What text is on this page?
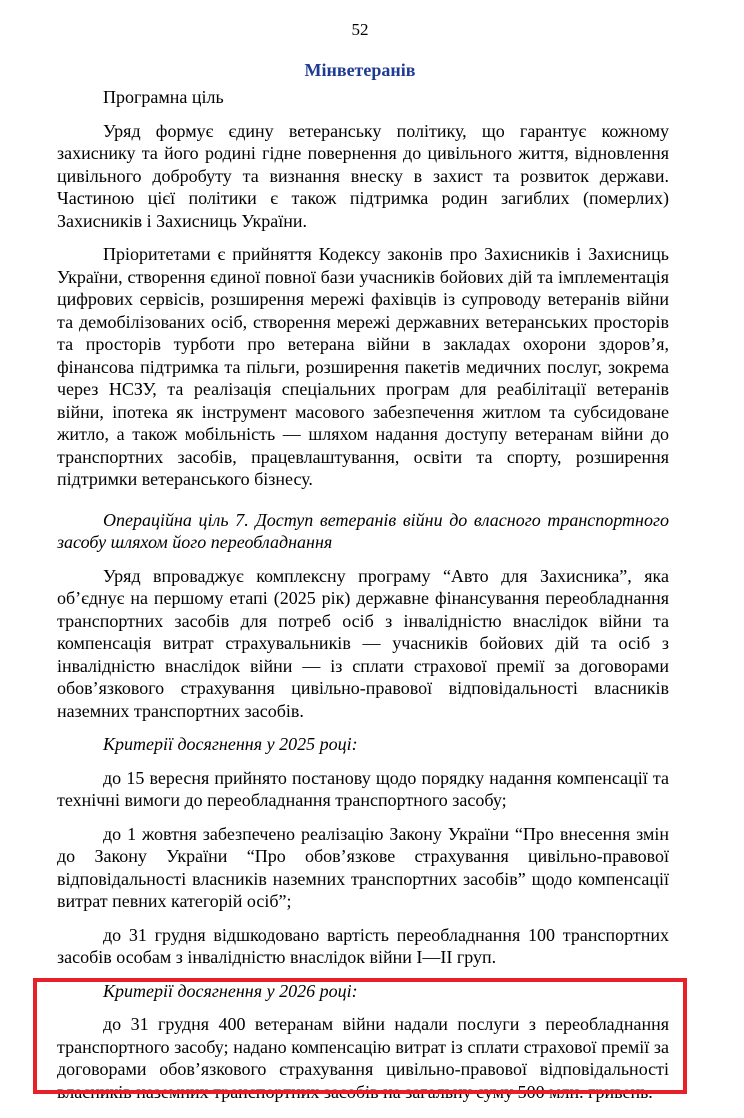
52
Мінветеранів

Програмна ціль

Уряд формує єдину ветеранську політику, що гарантує кожному захиснику та його родині гідне повернення до цивільного життя, відновлення цивільного добробуту та визнання внеску в захист та розвиток держави. Частиною цієї політики є також підтримка родин загиблих (померлих) Захисників і Захисниць України.

Пріоритетами є прийняття Кодексу законів про Захисників і Захисниць України, створення єдиної повної бази учасників бойових дій та імплементація цифрових сервісів, розширення мережі фахівців із супроводу ветеранів війни та демобілізованих осіб, створення мережі державних ветеранських просторів та просторів турботи про ветерана війни в закладах охорони здоров’я, фінансова підтримка та пільги, розширення пакетів медичних послуг, зокрема через НСЗУ, та реалізація спеціальних програм для реабілітації ветеранів війни, іпотека як інструмент масового забезпечення житлом та субсидоване житло, а також мобільність — шляхом надання доступу ветеранам війни до транспортних засобів, працевлаштування, освіти та спорту, розширення підтримки ветеранського бізнесу.

Операційна ціль 7. Доступ ветеранів війни до власного транспортного засобу шляхом його переобладнання

Уряд впроваджує комплексну програму “Авто для Захисника”, яка об’єднує на першому етапі (2025 рік) державне фінансування переобладнання транспортних засобів для потреб осіб з інвалідністю внаслідок війни та компенсація витрат страхувальників — учасників бойових дій та осіб з інвалідністю внаслідок війни — із сплати страхової премії за договорами обов’язкового страхування цивільно-правової відповідальності власників наземних транспортних засобів.

Критерії досягнення у 2025 році:

до 15 вересня прийнято постанову щодо порядку надання компенсації та технічні вимоги до переобладнання транспортного засобу;

до 1 жовтня забезпечено реалізацію Закону України “Про внесення змін до Закону України “Про обов’язкове страхування цивільно-правової відповідальності власників наземних транспортних засобів” щодо компенсації витрат певних категорій осіб”;

до 31 грудня відшкодовано вартість переобладнання 100 транспортних засобів особам з інвалідністю внаслідок війни I—II груп.

Критерії досягнення у 2026 році:

до 31 грудня 400 ветеранам війни надали послуги з переобладнання транспортного засобу; надано компенсацію витрат із сплати страхової премії за договорами обов’язкового страхування цивільно-правової відповідальності власників наземних транспортних засобів на загальну суму 500 млн. гривень.
